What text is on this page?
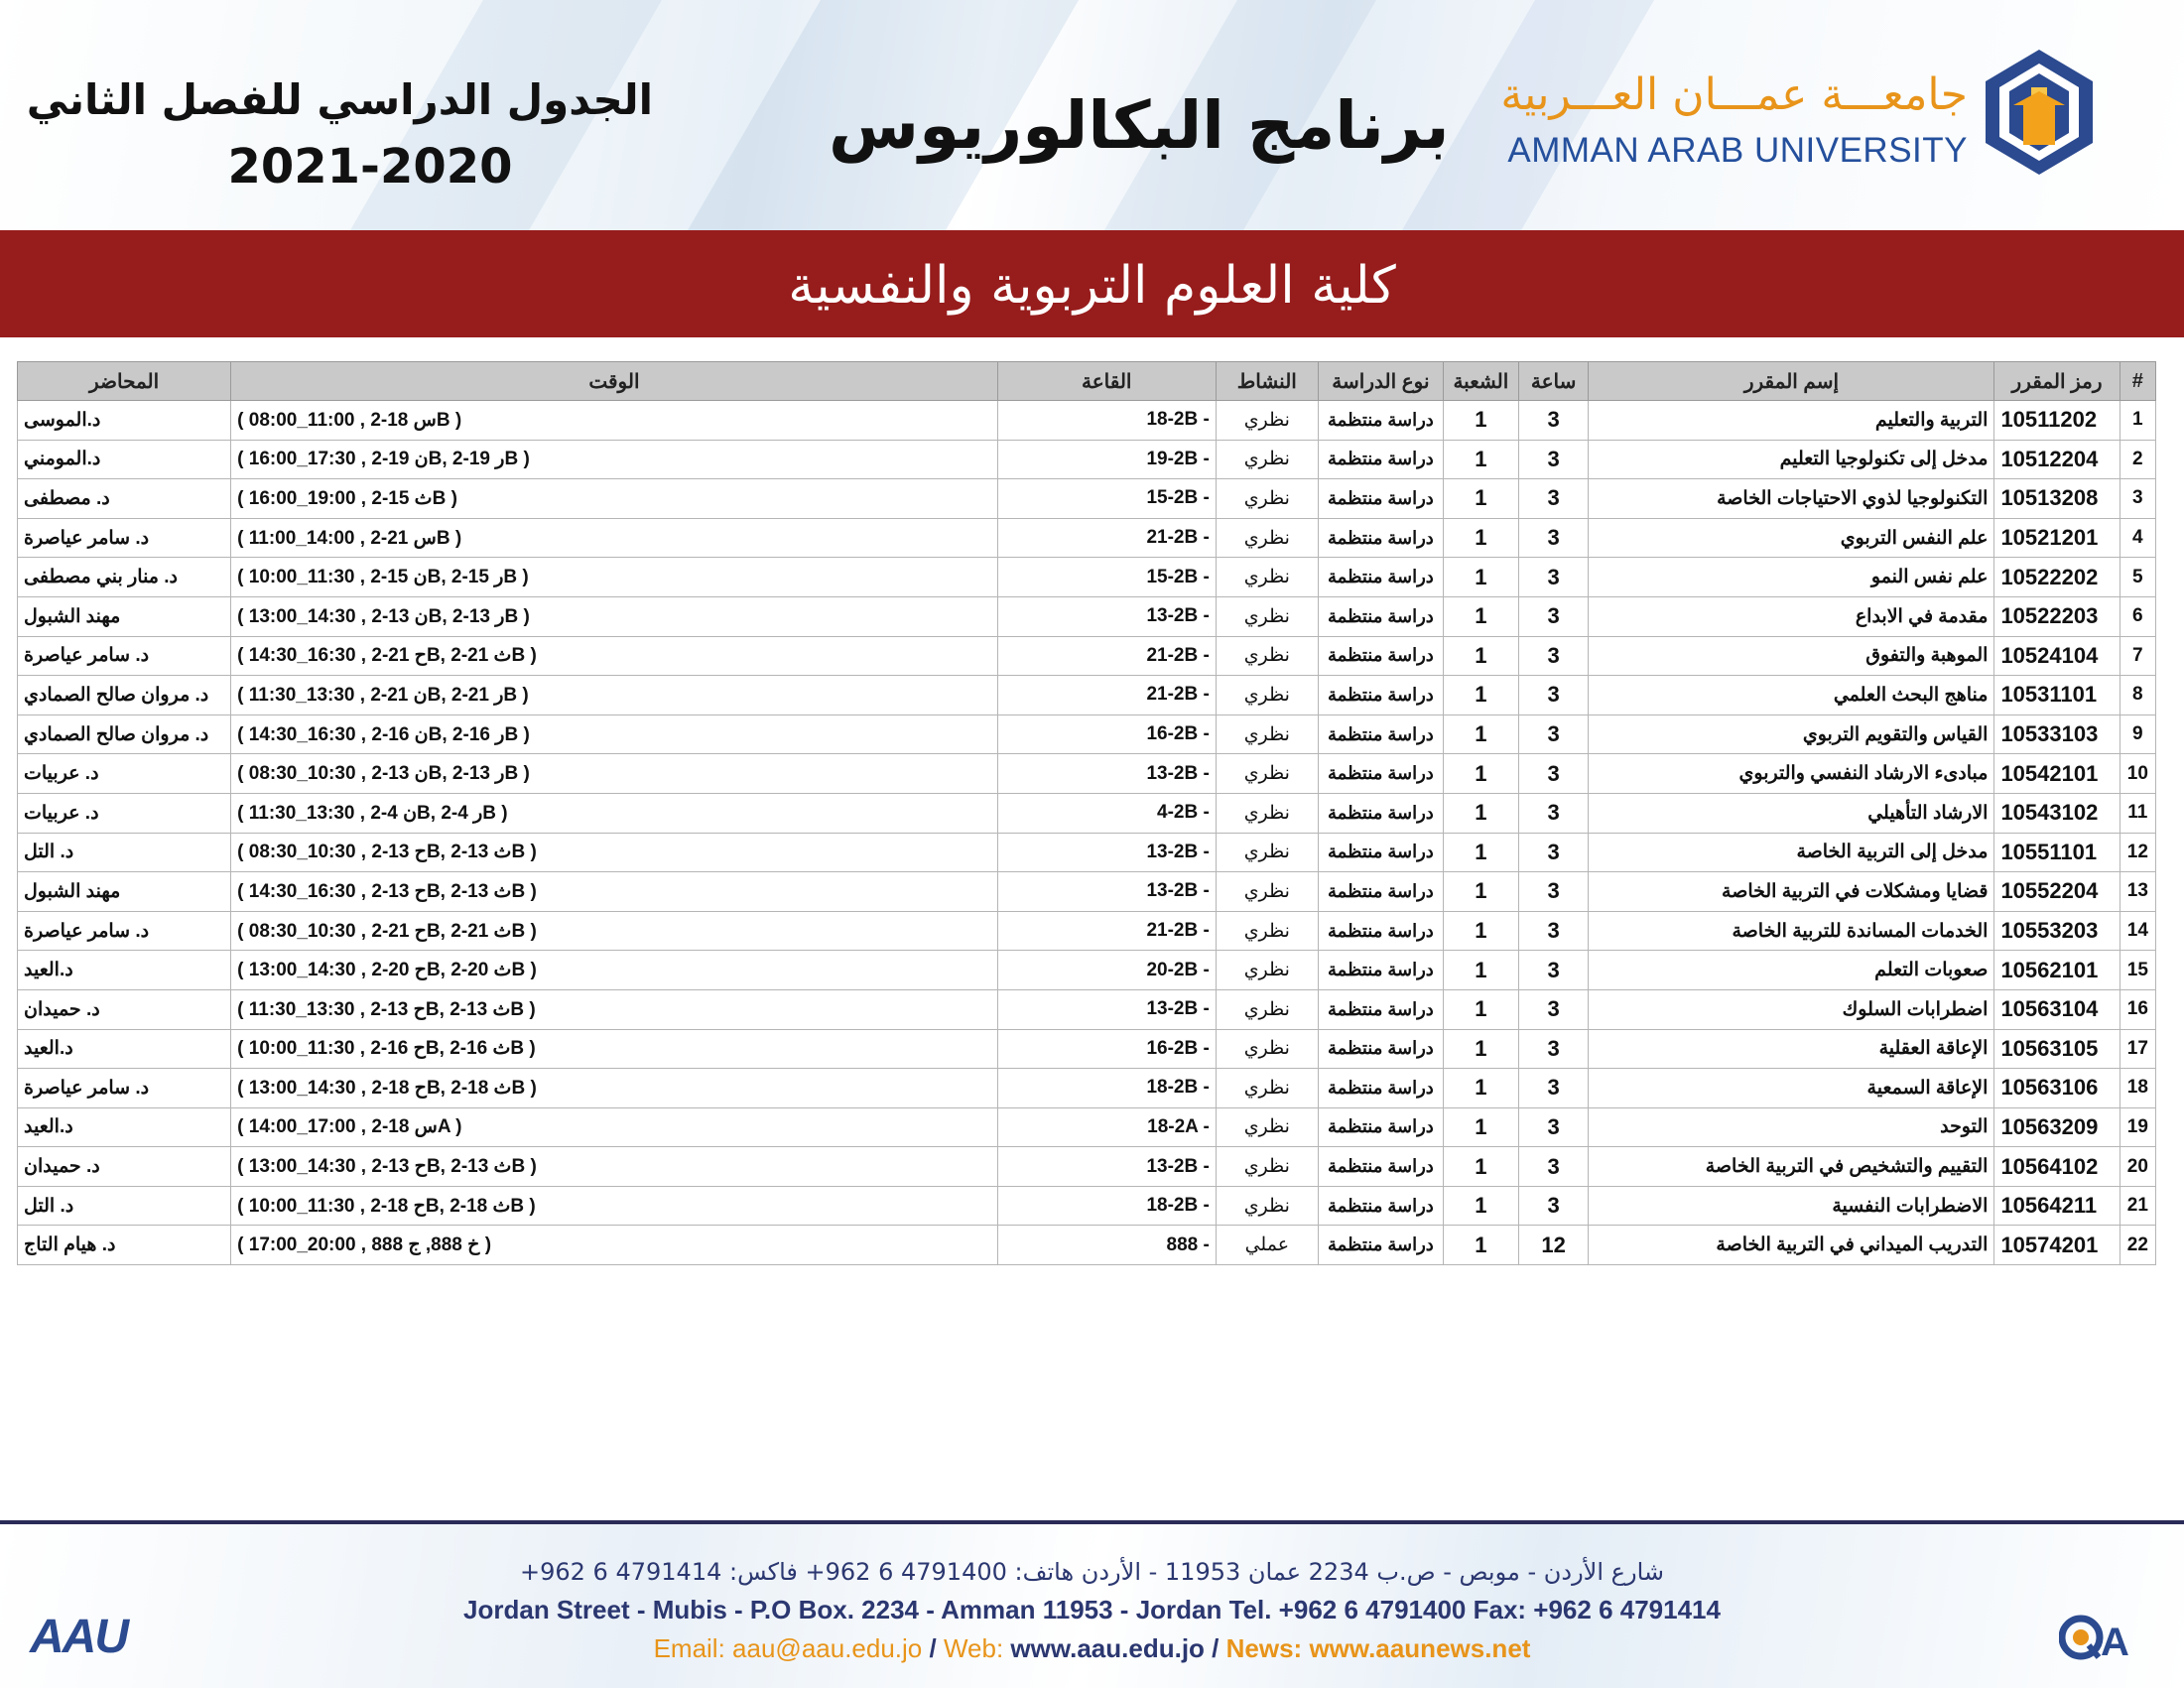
جامعـــة عمـــان العـــربية
AMMAN ARAB UNIVERSITY
برنامج البكالوريوس
الجدول الدراسي للفصل الثاني
2021-2020
كلية العلوم التربوية والنفسية
#	رمز المقرر	إسم المقرر	ساعة	الشعبة	نوع الدراسة	النشاط	القاعة	الوقت	المحاضر
1	10511202	التربية والتعليم	3	1	دراسة منتظمة	نظري	18-2B -	( 08:00_11:00 , س 18-2B )	د.الموسى
2	10512204	مدخل إلى تكنولوجيا التعليم	3	1	دراسة منتظمة	نظري	19-2B -	( 16:00_17:30 , ن 19-2B, ر 19-2B )	د.المومني
3	10513208	التكنولوجيا لذوي الاحتياجات الخاصة	3	1	دراسة منتظمة	نظري	15-2B -	( 16:00_19:00 , ث 15-2B )	د. مصطفى
4	10521201	علم النفس التربوي	3	1	دراسة منتظمة	نظري	21-2B -	( 11:00_14:00 , س 21-2B )	د. سامر عياصرة
5	10522202	علم نفس النمو	3	1	دراسة منتظمة	نظري	15-2B -	( 10:00_11:30 , ن 15-2B, ر 15-2B )	د. منار بني مصطفى
6	10522203	مقدمة في الابداع	3	1	دراسة منتظمة	نظري	13-2B -	( 13:00_14:30 , ن 13-2B, ر 13-2B )	مهند الشبول
7	10524104	الموهبة والتفوق	3	1	دراسة منتظمة	نظري	21-2B -	( 14:30_16:30 , ح 21-2B, ث 21-2B )	د. سامر عياصرة
8	10531101	مناهج البحث العلمي	3	1	دراسة منتظمة	نظري	21-2B -	( 11:30_13:30 , ن 21-2B, ر 21-2B )	د. مروان صالح الصمادي
9	10533103	القياس والتقويم التربوي	3	1	دراسة منتظمة	نظري	16-2B -	( 14:30_16:30 , ن 16-2B, ر 16-2B )	د. مروان صالح الصمادي
10	10542101	مبادىء الارشاد النفسي والتربوي	3	1	دراسة منتظمة	نظري	13-2B -	( 08:30_10:30 , ن 13-2B, ر 13-2B )	د. عربيات
11	10543102	الارشاد التأهيلي	3	1	دراسة منتظمة	نظري	4-2B -	( 11:30_13:30 , ن 4-2B, ر 4-2B )	د. عربيات
12	10551101	مدخل إلى التربية الخاصة	3	1	دراسة منتظمة	نظري	13-2B -	( 08:30_10:30 , ح 13-2B, ث 13-2B )	د. التل
13	10552204	قضايا ومشكلات في التربية الخاصة	3	1	دراسة منتظمة	نظري	13-2B -	( 14:30_16:30 , ح 13-2B, ث 13-2B )	مهند الشبول
14	10553203	الخدمات المساندة للتربية الخاصة	3	1	دراسة منتظمة	نظري	21-2B -	( 08:30_10:30 , ح 21-2B, ث 21-2B )	د. سامر عياصرة
15	10562101	صعوبات التعلم	3	1	دراسة منتظمة	نظري	20-2B -	( 13:00_14:30 , ح 20-2B, ث 20-2B )	د.العيد
16	10563104	اضطرابات السلوك	3	1	دراسة منتظمة	نظري	13-2B -	( 11:30_13:30 , ح 13-2B, ث 13-2B )	د. حميدان
17	10563105	الإعاقة العقلية	3	1	دراسة منتظمة	نظري	16-2B -	( 10:00_11:30 , ح 16-2B, ث 16-2B )	د.العيد
18	10563106	الإعاقة السمعية	3	1	دراسة منتظمة	نظري	18-2B -	( 13:00_14:30 , ح 18-2B, ث 18-2B )	د. سامر عياصرة
19	10563209	التوحد	3	1	دراسة منتظمة	نظري	18-2A -	( 14:00_17:00 , س 18-2A )	د.العيد
20	10564102	التقييم والتشخيص في التربية الخاصة	3	1	دراسة منتظمة	نظري	13-2B -	( 13:00_14:30 , ح 13-2B, ث 13-2B )	د. حميدان
21	10564211	الاضطرابات النفسية	3	1	دراسة منتظمة	نظري	18-2B -	( 10:00_11:30 , ح 18-2B, ث 18-2B )	د. التل
22	10574201	التدريب الميداني في التربية الخاصة	12	1	دراسة منتظمة	عملي	888 -	( 17:00_20:00 , خ 888, ج 888 )	د. هيام التاج
شارع الأردن - موبص - ص.ب 2234 عمان 11953 - الأردن هاتف: 4791400 6 962+ فاكس: 4791414 6 962+
Jordan Street - Mubis - P.O Box. 2234 - Amman 11953 - Jordan Tel. +962 6 4791400 Fax: +962 6 4791414
Email: aau@aau.edu.jo / Web: www.aau.edu.jo / News: www.aaunews.net
AAU	A
